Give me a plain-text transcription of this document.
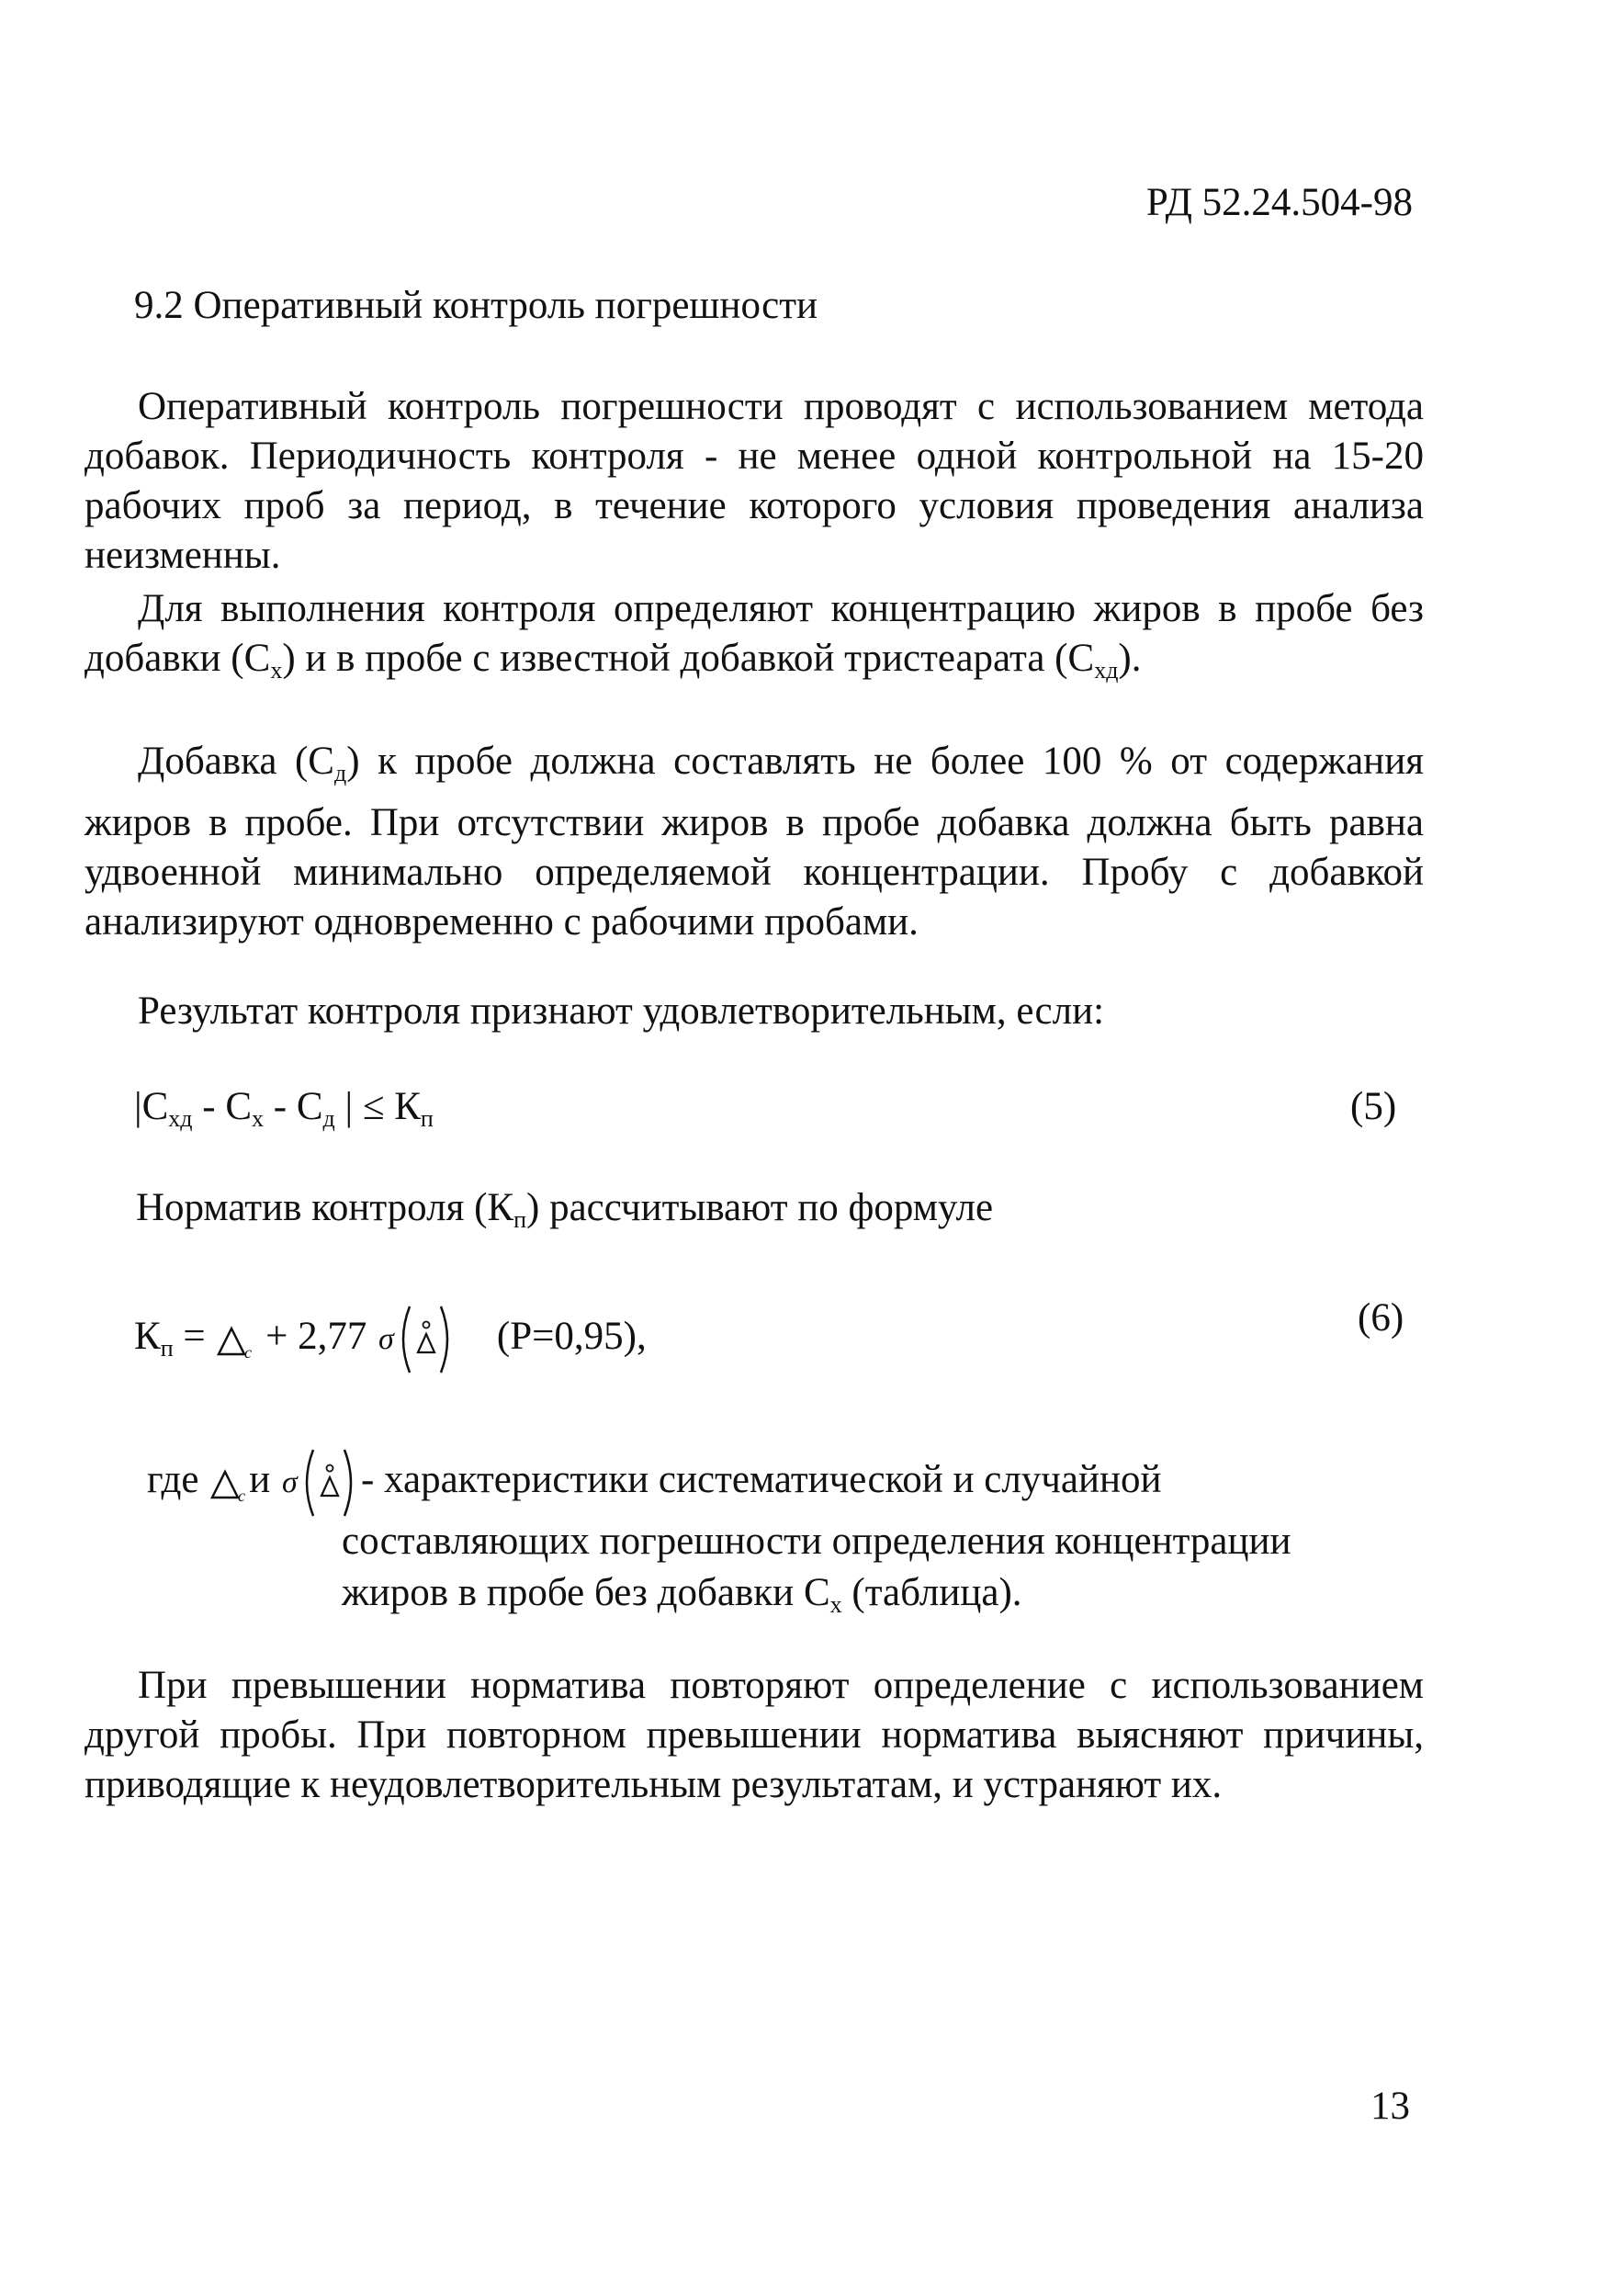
РД 52.24.504-98
9.2 Оперативный контроль погрешности
Оперативный контроль погрешности проводят с использованием метода добавок. Периодичность контроля - не менее одной контрольной на 15-20 рабочих проб за период, в течение которого условия проведения анализа неизменны.
Для выполнения контроля определяют концентрацию жиров в пробе без добавки $(С_х)$ и в пробе с известной добавкой тристеарата $(С_{хд})$.
Добавка $(С_д)$ к пробе должна составлять не более 100 % от содержания жиров в пробе. При отсутствии жиров в пробе добавка должна быть равна удвоенной минимально определяемой концентрации. Пробу с добавкой анализируют одновременно с рабочими пробами.
Результат контроля признают удовлетворительным, если:
$|С_{хд} - С_х - С_д$ | ≤ $К_п$	(5)
Норматив контроля $(К_п)$ рассчитывают по формуле
$К_п = c + 2,77$ σ	(Р=0,95),	(6)
где c и σ - характеристики систематической и случайной
составляющих погрешности определения концентрации жиров в пробе без добавки $С_х$ (таблица).
При превышении норматива повторяют определение с использованием другой пробы. При повторном превышении норматива выясняют причины, приводящие к неудовлетворительным результатам, и устраняют их.
13
